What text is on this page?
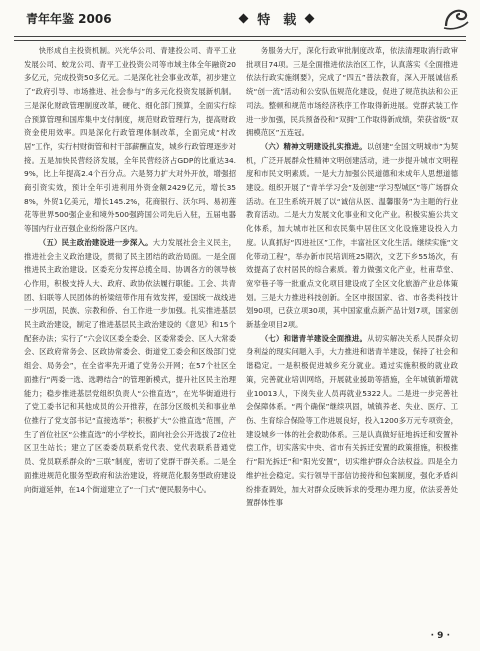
青年年鉴 2006	特　载

快形成自主投资机制。兴光华公司、青建投公司、青平工业发展公司、蛟龙公司、青平工业投资公司等市域主体全年融资20多亿元，完成投资50多亿元。二是深化社会事业改革，初步建立了“政府引导、市场推进、社会参与”的多元化投资发展新机制。三是深化财政管理制度改革，硬化、细化部门预算，全面实行综合预算管理和国库集中支付制度，规范财政管理行为，提高财政资金使用效率。四是深化行政管理体制改革，全面完成“村改居”工作，实行村财街管和村干部薪酬直发，城乡行政管理逐步对接。五是加快民营经济发展，全年民营经济占GDP的比重达34.9%，比上年提高2.4个百分点。六是努力扩大对外开放，增强招商引资实效，预计全年引进利用外资金额2429亿元，增长358%，外贸1亿美元，增长145.2%，花商银行、沃尔玛、易初莲花等世界500强企业和境外500强跨国公司先后入驻，五届电器等国内行业百强企业纷纷落户区内。

（五）民主政治建设进一步深入。大力发展社会主义民主，推进社会主义政治建设，贯彻了民主团结的政治局面。一是全面推进民主政治建设。区委充分发挥总揽全局、协调各方的领导核心作用，积极支持人大、政府、政协依法履行职能。工会、共青团、妇联等人民团体的桥梁纽带作用有效发挥，爱国统一战线进一步巩固，民族、宗教和侨、台工作进一步加强。扎实推进基层民主政治建设，制定了推进基层民主政治建设的《意见》和15个配套办法；实行了“六会议区委全委会、区委常委会、区人大常委会、区政府常务会、区政协常委会、街道党工委会和区级部门党组会、局务会”，在全省率先开通了党务公开网；在57个社区全面推行“两委一选、选聘结合”的管理新模式，提升社区民主治理能力；稳步推进基层党组织负责人“公推直选”，在光华街道进行了党工委书记和其他成员的公开推荐，在部分区级机关和事业单位推行了党支部书记“直接选举”；积极扩大“公推直选”范围，产生了首位社区“公推直选”的小学校长，面向社会公开选拔了2位社区卫生站长；建立了区委委员联系党代表、党代表联系普通党员、党员联系群众的“三联”制度，密切了党群干群关系。二是全面推进规范化服务型政府和法治建设，将规范化服务型政府建设向街道延伸，在14个街道建立了“一门式”便民服务中心。

务服务大厅，深化行政审批制度改革，依法清理取消行政审批项目74项。三是全面推进依法治区工作，认真落实《全面推进依法行政实施纲要》，完成了“四五”普法教育，深入开展诚信系统“创一流”活动和公安队伍规范化建设，促进了规范执法和公正司法。整顿和规范市场经济秩序工作取得新进展。党群武装工作进一步加强，民兵预备役和“双拥”工作取得新成绩，荣获省级“双拥模范区”五连冠。

（六）精神文明建设扎实推进。以创建“全国文明城市”为契机，广泛开展群众性精神文明创建活动，进一步提升城市文明程度和市民文明素质。一是大力加强公民道德和未成年人思想道德建设。组织开展了“青羊学习会”及创建“学习型城区”等广场群众活动。在卫生系统开展了以“诚信从医、温馨服务”为主题的行业教育活动。二是大力发展文化事业和文化产业。积极实施公共文化体系，加大城市社区和农民集中居住区文化设施建设投入力度。认真抓好“四进社区”工作，丰富社区文化生活。继续实施“文化带动工程”，举办新市民培训班25期次，文艺下乡55场次，有效提高了农村居民的综合素质。着力做强文化产业，杜甫草堂、宽窄巷子等一批重点文化项目建设成了全区文化旅游产业总体策划。三是大力推进科技创新。全区申报国家、省、市各类科技计划90项，已获立项30项，其中国家重点新产品计划7项，国家创新基金项目2项。

（七）和谐青羊建设全面推进。从切实解决关系人民群众切身利益的现实问题入手，大力推进和谐青羊建设，保持了社会和谐稳定。一是积极促进城乡充分就业。通过实施积极的就业政策，完善就业培训网络，开展就业援助等措施，全年城镇新增就业10013人，下岗失业人员再就业5322人。二是进一步完善社会保障体系。“两个确保”继续巩固，城镇养老、失业、医疗、工伤、生育综合保险等工作进展良好，投入1200多万元专项资金，建设城乡一体的社会救助体系。三是认真做好征地拆迁和安置补偿工作，切实落实中央、省市有关拆迁安置的政策措施，积极推行“阳光拆迁”和“阳光安置”，切实维护群众合法权益。四是全力维护社会稳定。实行领导干部信访接待和包案制度，强化矛盾纠纷排查调处，加大对群众反映诉求的受理办理力度，依法妥善处置群体性事

· 9 ·
